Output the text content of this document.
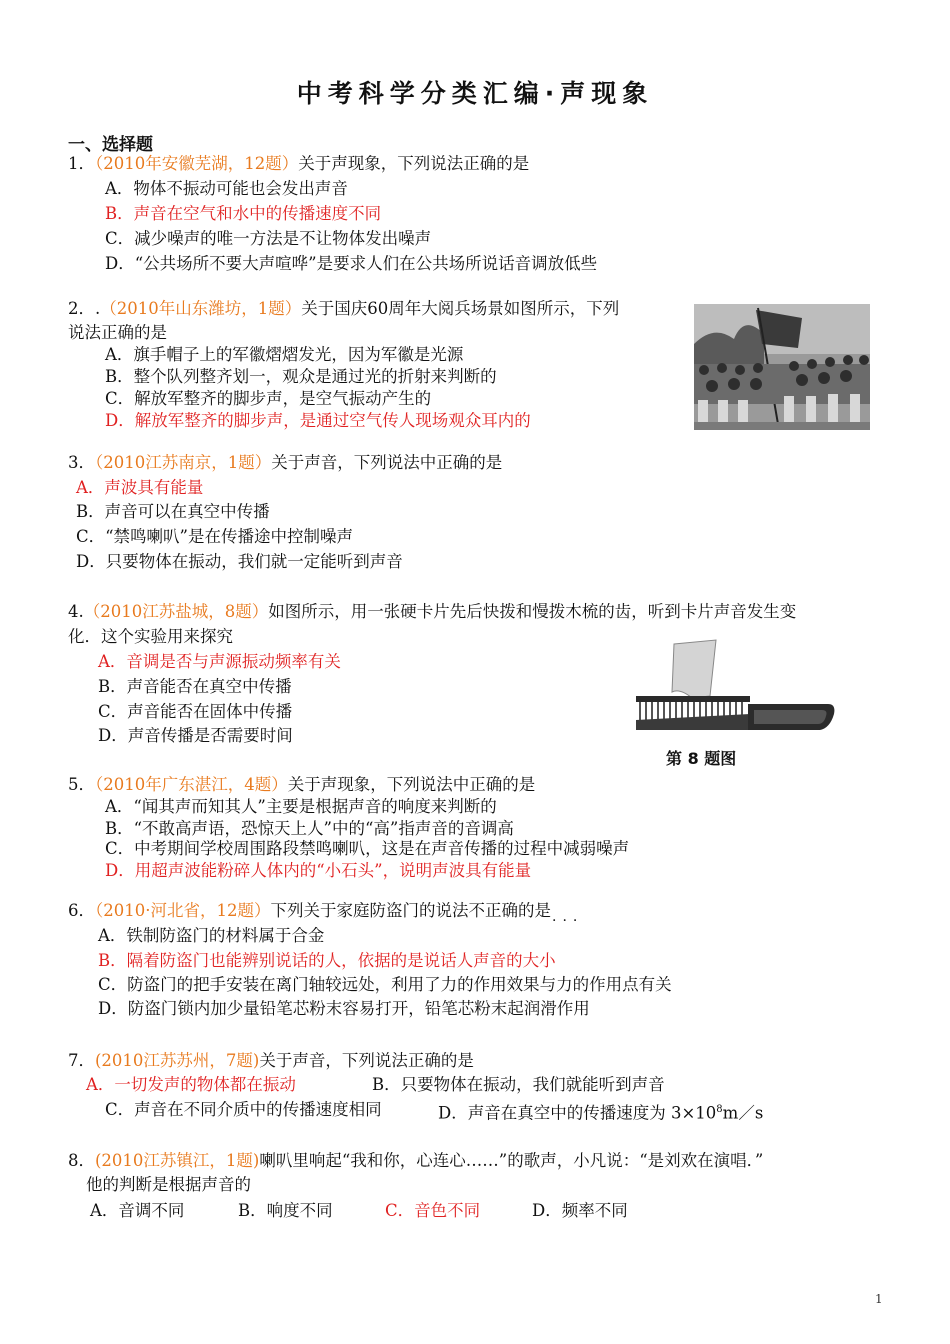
中考科学分类汇编·声现象
一、选择题
1．（2010年安徽芜湖，12题）关于声现象，下列说法正确的是
A．物体不振动可能也会发出声音
B．声音在空气和水中的传播速度不同
C．减少噪声的唯一方法是不让物体发出噪声
D．“公共场所不要大声喧哗”是要求人们在公共场所说话音调放低些
2．.（2010年山东潍坊，1题）关于国庆60周年大阅兵场景如图所示，下列
说法正确的是
A．旗手帽子上的军徽熠熠发光，因为军徽是光源
B．整个队列整齐划一，观众是通过光的折射来判断的
C．解放军整齐的脚步声，是空气振动产生的
D．解放军整齐的脚步声，是通过空气传人现场观众耳内的
3．（2010江苏南京，1题）关于声音，下列说法中正确的是
A．声波具有能量
B．声音可以在真空中传播
C．“禁鸣喇叭”是在传播途中控制噪声
D．只要物体在振动，我们就一定能听到声音
4.（2010江苏盐城，8题）如图所示，用一张硬卡片先后快拨和慢拨木梳的齿，听到卡片声音发生变
化．这个实验用来探究
A．音调是否与声源振动频率有关
B．声音能否在真空中传播
C．声音能否在固体中传播
D．声音传播是否需要时间
第 8 题图
5．（2010年广东湛江，4题）关于声现象，下列说法中正确的是
A．“闻其声而知其人”主要是根据声音的响度来判断的
B．“不敢高声语，恐惊天上人”中的“高”指声音的音调高
C．中考期间学校周围路段禁鸣喇叭，这是在声音传播的过程中减弱噪声
D．用超声波能粉碎人体内的“小石头”，说明声波具有能量
6．（2010·河北省，12题）下列关于家庭防盗门的说法不正确的是
···
A．铁制防盗门的材料属于合金
B．隔着防盗门也能辨别说话的人，依据的是说话人声音的大小
C．防盗门的把手安装在离门轴较远处，利用了力的作用效果与力的作用点有关
D．防盗门锁内加少量铅笔芯粉末容易打开，铅笔芯粉末起润滑作用
7．(2010江苏苏州，7题)关于声音，下列说法正确的是
A．一切发声的物体都在振动	B．只要物体在振动，我们就能听到声音
C．声音在不同介质中的传播速度相同	D．声音在真空中的传播速度为 $3\times 10^8m/s$
8．(2010江苏镇江，1题)喇叭里响起“我和你，心连心……”的歌声，小凡说：“是刘欢在演唱．”
他的判断是根据声音的
A．音调不同	B．响度不同	C．音色不同	D．频率不同
1
